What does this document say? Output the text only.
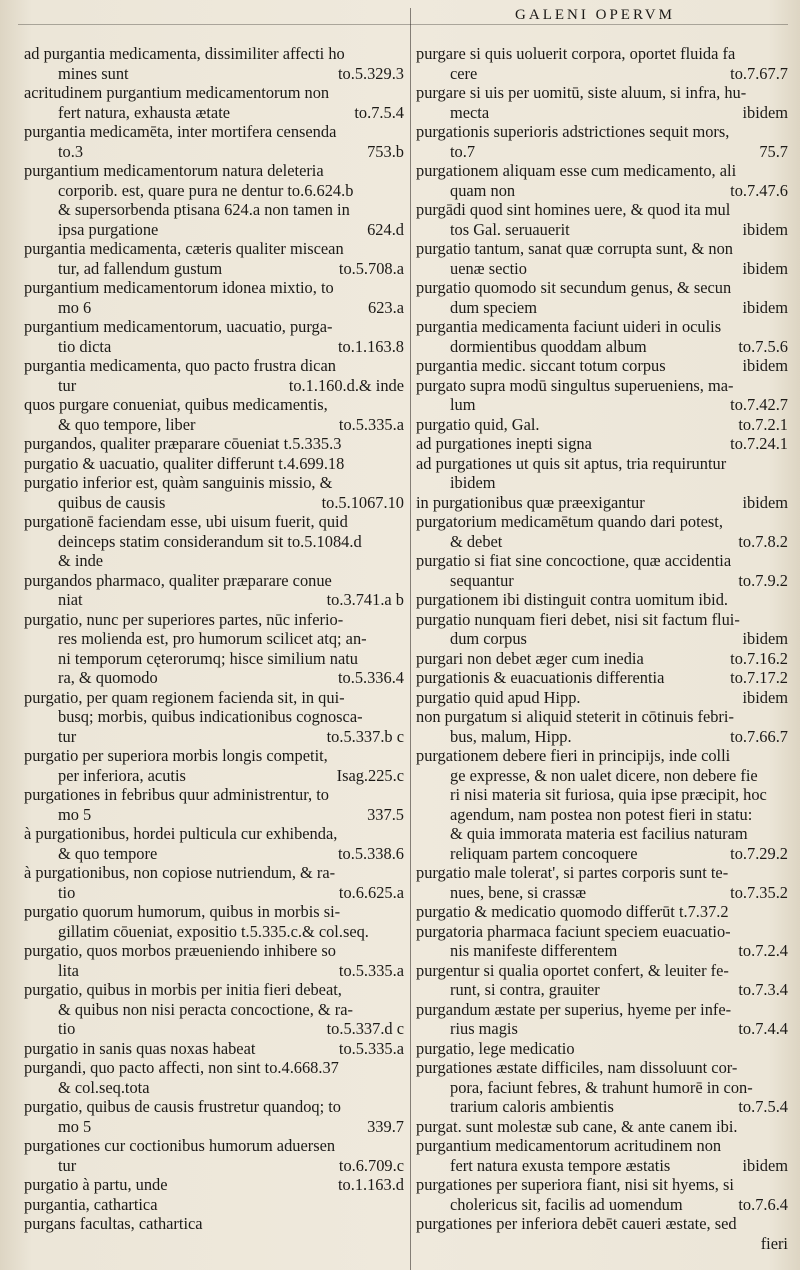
GALENI OPERVM
ad purgantia medicamenta, dissimiliter affecti ho
mines sunt	to.5.329.3
acritudinem purgantium medicamentorum non
fert natura, exhausta ætate	to.7.5.4
purgantia medicamēta, inter mortifera censenda
to.3	753.b
purgantium medicamentorum natura deleteria
corporib. est, quare pura ne dentur to.6.624.b
& supersorbenda ptisana 624.a non tamen in
ipsa purgatione	624.d
purgantia medicamenta, cæteris qualiter miscean
tur, ad fallendum gustum	to.5.708.a
purgantium medicamentorum idonea mixtio, to
mo 6	623.a
purgantium medicamentorum, uacuatio, purga-
tio dicta	to.1.163.8
purgantia medicamenta, quo pacto frustra dican
tur	to.1.160.d.& inde
quos purgare conueniat, quibus medicamentis,
& quo tempore, liber	to.5.335.a
purgandos, qualiter præparare cōueniat t.5.335.3
purgatio & uacuatio, qualiter differunt t.4.699.18
purgatio inferior est, quàm sanguinis missio, &
quibus de causis	to.5.1067.10
purgationē faciendam esse, ubi uisum fuerit, quid
deinceps statim considerandum sit to.5.1084.d
& inde
purgandos pharmaco, qualiter præparare conue
niat	to.3.741.a b
purgatio, nunc per superiores partes, nūc inferio-
res molienda est, pro humorum scilicet atq; an-
ni temporum cęterorumq; hisce similium natu
ra, & quomodo	to.5.336.4
purgatio, per quam regionem facienda sit, in qui-
busq; morbis, quibus indicationibus cognosca-
tur	to.5.337.b c
purgatio per superiora morbis longis competit,
per inferiora, acutis	Isag.225.c
purgationes in febribus quur administrentur, to
mo 5	337.5
à purgationibus, hordei pulticula cur exhibenda,
& quo tempore	to.5.338.6
à purgationibus, non copiose nutriendum, & ra-
tio	to.6.625.a
purgatio quorum humorum, quibus in morbis si-
gillatim cōueniat, expositio t.5.335.c.& col.seq.
purgatio, quos morbos præueniendo inhibere so
lita	to.5.335.a
purgatio, quibus in morbis per initia fieri debeat,
& quibus non nisi peracta concoctione, & ra-
tio	to.5.337.d c
purgatio in sanis quas noxas habeat	to.5.335.a
purgandi, quo pacto affecti, non sint to.4.668.37
& col.seq.tota
purgatio, quibus de causis frustretur quandoq; to
mo 5	339.7
purgationes cur coctionibus humorum aduersen
tur	to.6.709.c
purgatio à partu, unde	to.1.163.d
purgantia, cathartica
purgans facultas, cathartica
purgare si quis uoluerit corpora, oportet fluida fa
cere	to.7.67.7
purgare si uis per uomitū, siste aluum, si infra, hu-
mecta	ibidem
purgationis superioris adstrictiones sequit mors,
to.7	75.7
purgationem aliquam esse cum medicamento, ali
quam non	to.7.47.6
purgādi quod sint homines uere, & quod ita mul
tos Gal. seruauerit	ibidem
purgatio tantum, sanat quæ corrupta sunt, & non
uenæ sectio	ibidem
purgatio quomodo sit secundum genus, & secun
dum speciem	ibidem
purgantia medicamenta faciunt uideri in oculis
dormientibus quoddam album	to.7.5.6
purgantia medic. siccant totum corpus	ibidem
purgato supra modū singultus superueniens, ma-
lum	to.7.42.7
purgatio quid, Gal.	to.7.2.1
ad purgationes inepti signa	to.7.24.1
ad purgationes ut quis sit aptus, tria requiruntur
ibidem
in purgationibus quæ præexigantur	ibidem
purgatorium medicamētum quando dari potest,
& debet	to.7.8.2
purgatio si fiat sine concoctione, quæ accidentia
sequantur	to.7.9.2
purgationem ibi distinguit contra uomitum ibid.
purgatio nunquam fieri debet, nisi sit factum flui-
dum corpus	ibidem
purgari non debet æger cum inedia	to.7.16.2
purgationis & euacuationis differentia	to.7.17.2
purgatio quid apud Hipp.	ibidem
non purgatum si aliquid steterit in cōtinuis febri-
bus, malum, Hipp.	to.7.66.7
purgationem debere fieri in principijs, inde colli
ge expresse, & non ualet dicere, non debere fie
ri nisi materia sit furiosa, quia ipse præcipit, hoc
agendum, nam postea non potest fieri in statu:
& quia immorata materia est facilius naturam
reliquam partem concoquere	to.7.29.2
purgatio male tolerat', si partes corporis sunt te-
nues, bene, si crassæ	to.7.35.2
purgatio & medicatio quomodo differūt t.7.37.2
purgatoria pharmaca faciunt speciem euacuatio-
nis manifeste differentem	to.7.2.4
purgentur si qualia oportet confert, & leuiter fe-
runt, si contra, grauiter	to.7.3.4
purgandum æstate per superius, hyeme per infe-
rius magis	to.7.4.4
purgatio, lege medicatio
purgationes æstate difficiles, nam dissoluunt cor-
pora, faciunt febres, & trahunt humorē in con-
trarium caloris ambientis	to.7.5.4
purgat. sunt molestæ sub cane, & ante canem ibi.
purgantium medicamentorum acritudinem non
fert natura exusta tempore æstatis	ibidem
purgationes per superiora fiant, nisi sit hyems, si
cholericus sit, facilis ad uomendum	to.7.6.4
purgationes per inferiora debēt caueri æstate, sed
fieri
